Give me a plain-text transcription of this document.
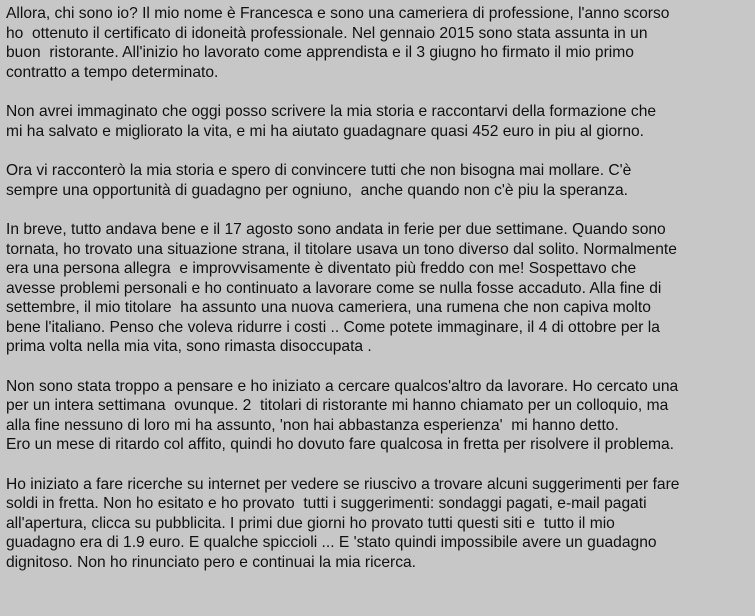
Allora, chi sono io? Il mio nome è Francesca e sono una cameriera di professione, l'anno scorso
ho  ottenuto il certificato di idoneità professionale. Nel gennaio 2015 sono stata assunta in un
buon  ristorante. All'inizio ho lavorato come apprendista e il 3 giugno ho firmato il mio primo
contratto a tempo determinato.
Non avrei immaginato che oggi posso scrivere la mia storia e raccontarvi della formazione che
mi ha salvato e migliorato la vita, e mi ha aiutato guadagnare quasi 452 euro in piu al giorno.
Ora vi racconterò la mia storia e spero di convincere tutti che non bisogna mai mollare. C'è
sempre una opportunità di guadagno per ogniuno,  anche quando non c'è piu la speranza.
In breve, tutto andava bene e il 17 agosto sono andata in ferie per due settimane. Quando sono
tornata, ho trovato una situazione strana, il titolare usava un tono diverso dal solito. Normalmente
era una persona allegra  e improvvisamente è diventato più freddo con me! Sospettavo che
avesse problemi personali e ho continuato a lavorare come se nulla fosse accaduto. Alla fine di
settembre, il mio titolare  ha assunto una nuova cameriera, una rumena che non capiva molto
bene l'italiano. Penso che voleva ridurre i costi .. Come potete immaginare, il 4 di ottobre per la
prima volta nella mia vita, sono rimasta disoccupata .
Non sono stata troppo a pensare e ho iniziato a cercare qualcos'altro da lavorare. Ho cercato una
per un intera settimana  ovunque. 2  titolari di ristorante mi hanno chiamato per un colloquio, ma
alla fine nessuno di loro mi ha assunto, 'non hai abbastanza esperienza'  mi hanno detto.
Ero un mese di ritardo col affito, quindi ho dovuto fare qualcosa in fretta per risolvere il problema.
Ho iniziato a fare ricerche su internet per vedere se riuscivo a trovare alcuni suggerimenti per fare
soldi in fretta. Non ho esitato e ho provato  tutti i suggerimenti: sondaggi pagati, e-mail pagati
all'apertura, clicca su pubblicita. I primi due giorni ho provato tutti questi siti e  tutto il mio
guadagno era di 1.9 euro. E qualche spiccioli ... E 'stato quindi impossibile avere un guadagno
dignitoso. Non ho rinunciato pero e continuai la mia ricerca.
